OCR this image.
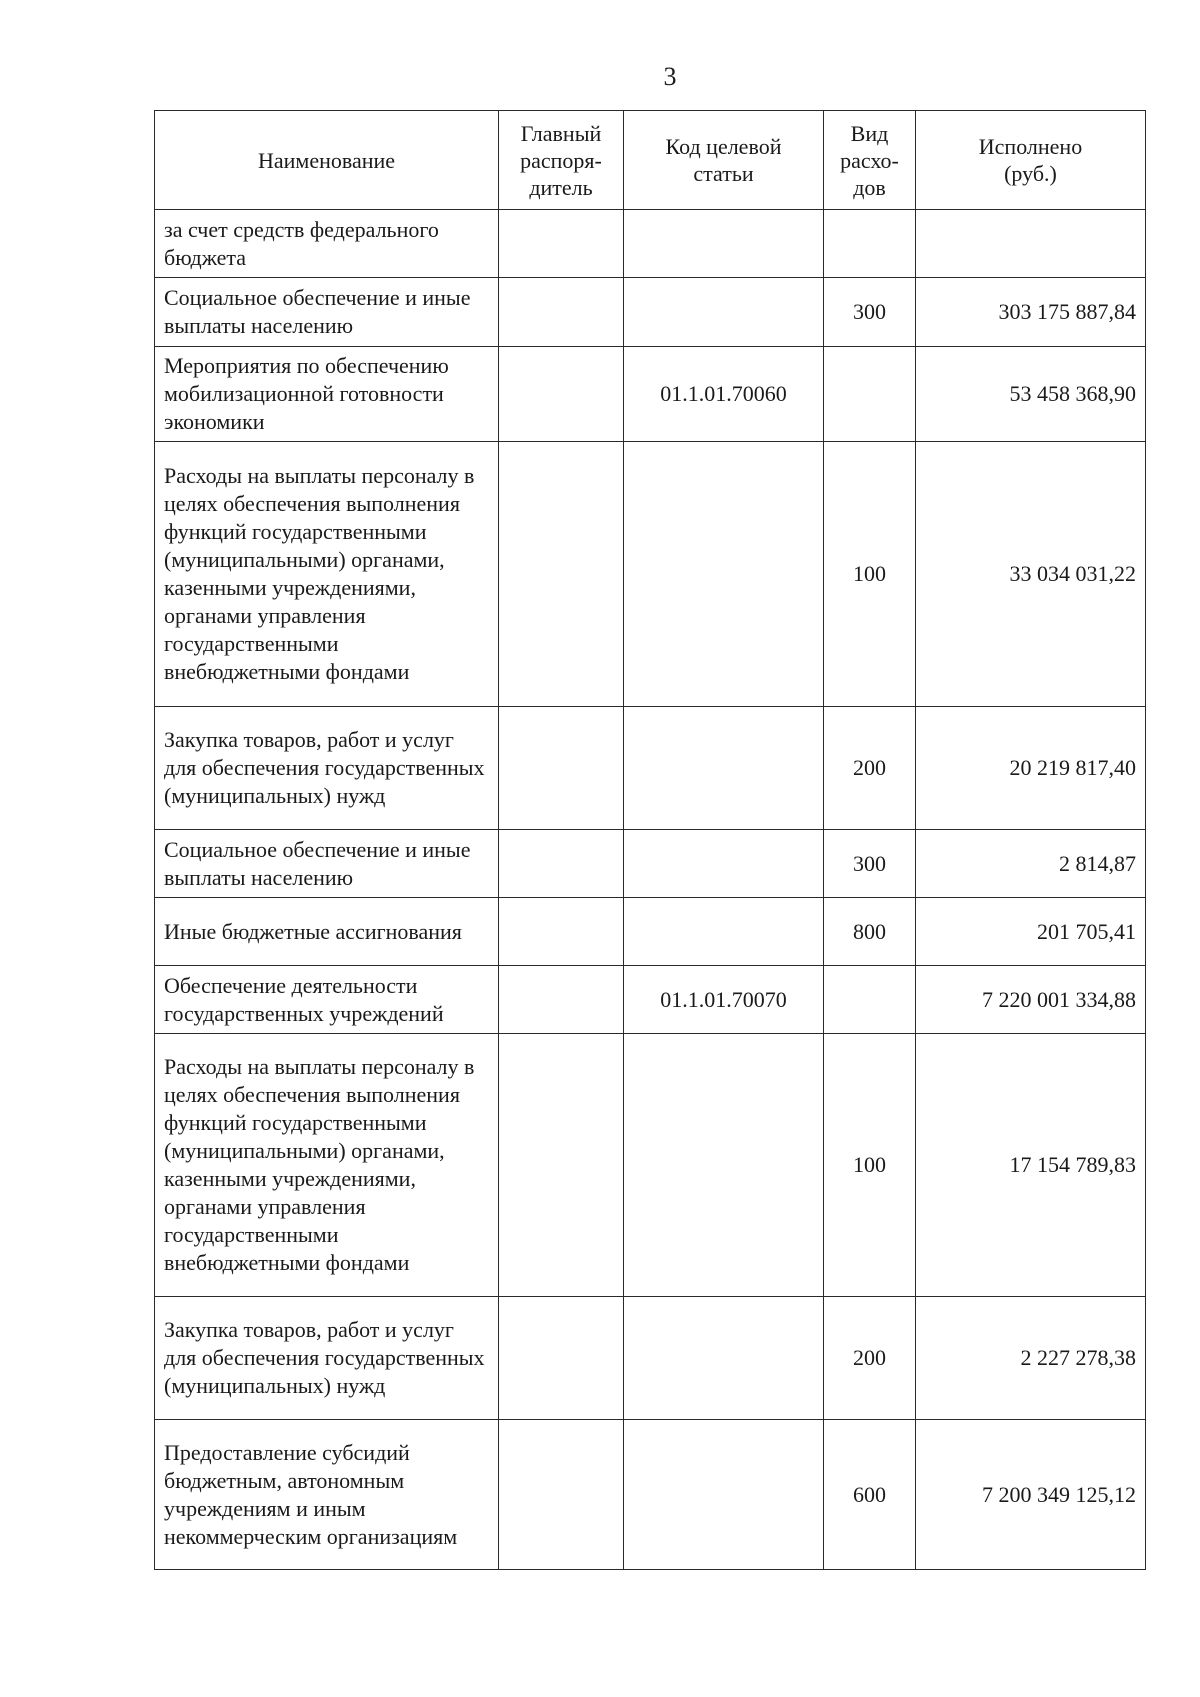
3
Наименование	Главный распоря-дитель	Код целевой статьи	Вид расхо-дов	Исполнено (руб.)
за счет средств федерального бюджета				
Социальное обеспечение и иные выплаты населению			300	303 175 887,84
Мероприятия по обеспечению мобилизационной готовности экономики		01.1.01.70060		53 458 368,90
Расходы на выплаты персоналу в целях обеспечения выполнения функций государственными (муниципальными) органами, казенными учреждениями, органами управления государственными внебюджетными фондами			100	33 034 031,22
Закупка товаров, работ и услуг для обеспечения государственных (муниципальных) нужд			200	20 219 817,40
Социальное обеспечение и иные выплаты населению			300	2 814,87
Иные бюджетные ассигнования			800	201 705,41
Обеспечение деятельности государственных учреждений		01.1.01.70070		7 220 001 334,88
Расходы на выплаты персоналу в целях обеспечения выполнения функций государственными (муниципальными) органами, казенными учреждениями, органами управления государственными внебюджетными фондами			100	17 154 789,83
Закупка товаров, работ и услуг для обеспечения государственных (муниципальных) нужд			200	2 227 278,38
Предоставление субсидий бюджетным, автономным учреждениям и иным некоммерческим организациям			600	7 200 349 125,12
